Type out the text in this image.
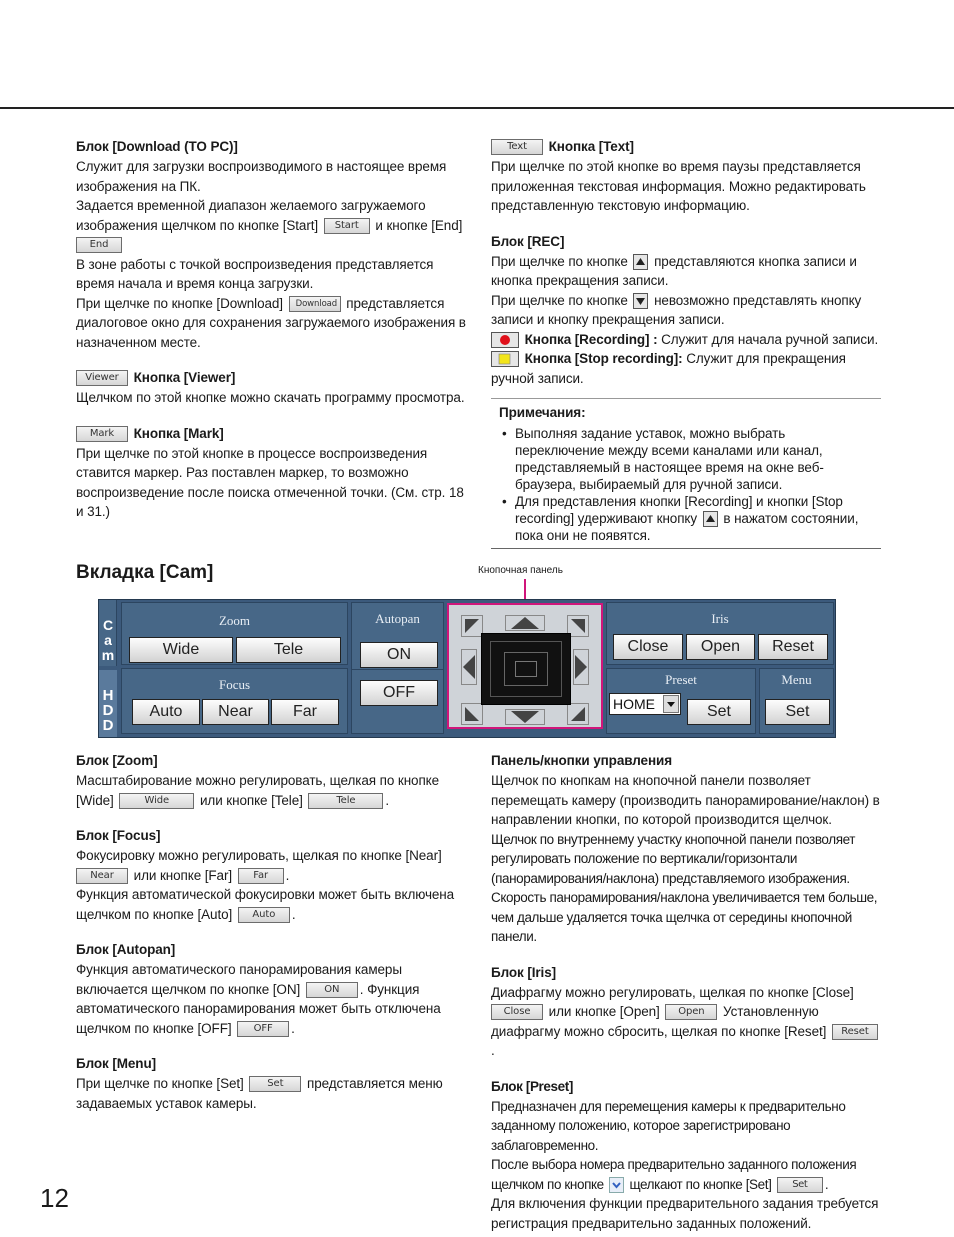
Блок [Download (TO PC)]
Служит для загрузки воспроизводимого в настоящее время изображения на ПК.
Задается временной диапазон желаемого загружаемого изображения щелчком по кнопке [Start] Start и кнопке [End]
End
В зоне работы с точкой воспроизведения представляется время начала и время конца загрузки.
При щелчке по кнопке [Download] Download представляется диалоговое окно для сохранения загружаемого изображения в назначенном месте.
Viewer Кнопка [Viewer]
Щелчком по этой кнопке можно скачать программу просмотра.
Mark Кнопка [Mark]
При щелчке по этой кнопке в процессе воспроизведения ставится маркер. Раз поставлен маркер, то возможно воспроизведение после поиска отмеченной точки. (См. стр. 18 и 31.)
Text Кнопка [Text]
При щелчке по этой кнопке во время паузы представляется приложенная текстовая информация. Можно редактировать представленную текстовую информацию.
Блок [REC]
При щелчке по кнопке представляются кнопка записи и кнопка прекращения записи.
При щелчке по кнопке невозможно представлять кнопку записи и кнопку прекращения записи.
Кнопка [Recording] : Служит для начала ручной записи.
Кнопка [Stop recording]: Служит для прекращения ручной записи.
Примечания:
• Выполняя задание уставок, можно выбрать переключение между всеми каналами или канал, представляемый в настоящее время на окне веб-браузера, выбираемый для ручной записи.
• Для представления кнопки [Recording] и кнопки [Stop recording] удерживают кнопку в нажатом состоянии, пока они не появятся.
Вкладка [Cam]	Кнопочная панель
C
a
m
H
D
D
Zoom
Wide	Tele
Focus
Auto	Near	Far
Autopan
ON
OFF
Iris
Close	Open	Reset
Preset
HOME	Set
Menu
Set
Блок [Zoom]
Масштабирование можно регулировать, щелкая по кнопке [Wide]	Wide или кнопке [Tele]	Tele .
Блок [Focus]
Фокусировку можно регулировать, щелкая по кнопке [Near]
Near или кнопке [Far] Far .
Функция автоматической фокусировки может быть включена щелчком по кнопке [Auto] Auto .
Блок [Autopan]
Функция автоматического панорамирования камеры включается щелчком по кнопке [ON] ON . Функция автоматического панорамирования может быть отключена щелчком по кнопке [OFF] OFF .
Блок [Menu]
При щелчке по кнопке [Set] Set представляется меню задаваемых уставок камеры.
Панель/кнопки управления
Щелчок по кнопкам на кнопочной панели позволяет перемещать камеру (производить панорамирование/наклон) в направлении кнопки, по которой производится щелчок.
Щелчок по внутреннему участку кнопочной панели позволяет регулировать положение по вертикали/горизонтали (панорамирования/наклона) представляемого изображения.
Скорость панорамирования/наклона увеличивается тем больше, чем дальше удаляется точка щелчка от середины кнопочной панели.
Блок [Iris]
Диафрагму можно регулировать, щелкая по кнопке [Close]
Close или кнопке [Open] Open Установленную диафрагму можно сбросить, щелкая по кнопке [Reset] Reset .
Блок [Preset]
Предназначен для перемещения камеры к предварительно заданному положению, которое зарегистрировано заблаговременно.
После выбора номера предварительно заданного положения щелчком по кнопке щелкают по кнопке [Set] Set .
Для включения функции предварительного задания требуется регистрация предварительно заданных положений.
12
